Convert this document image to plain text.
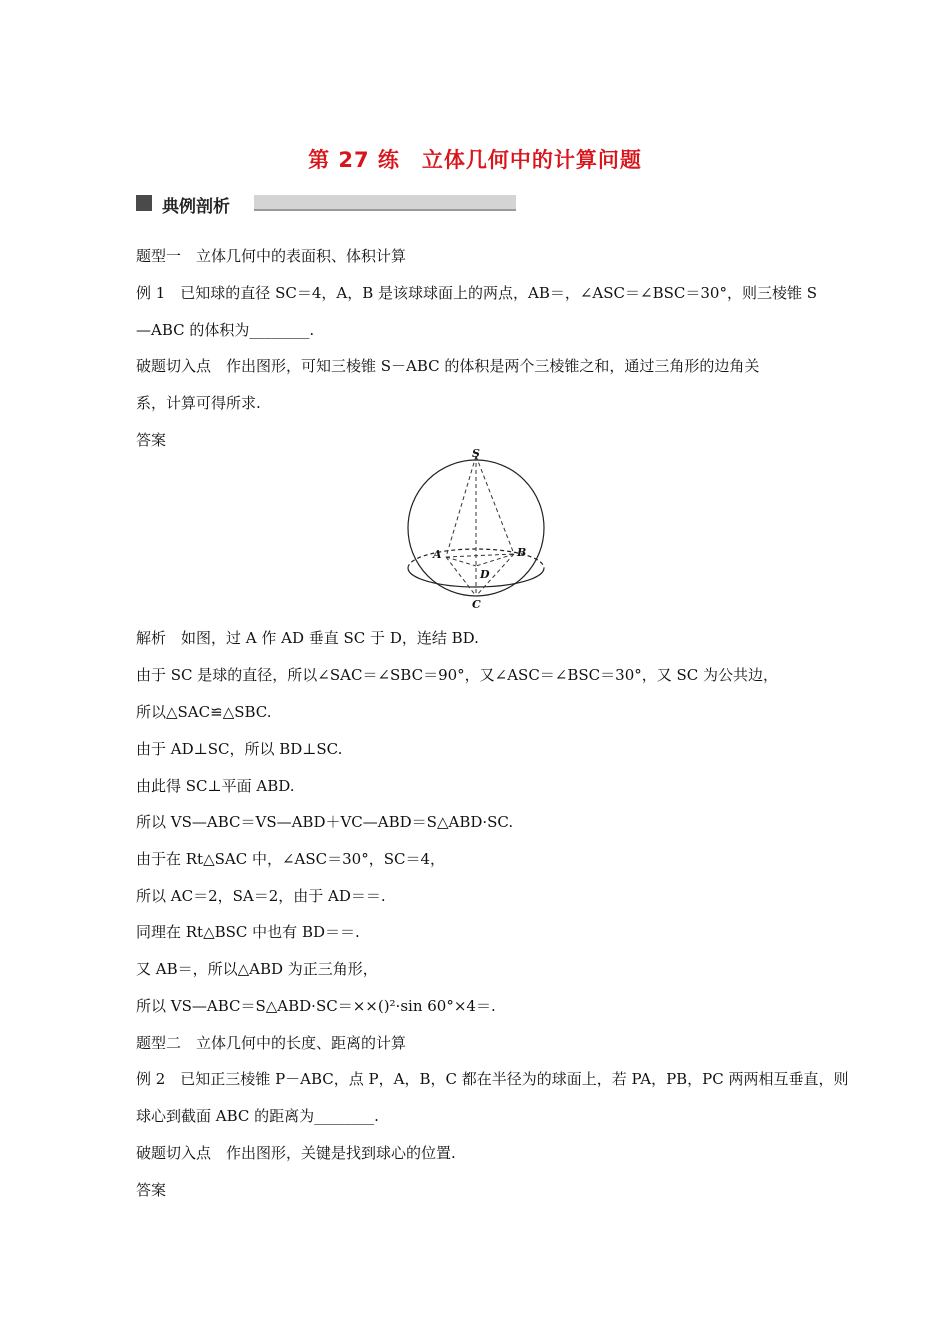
第 27 练　立体几何中的计算问题
典例剖析
题型一　立体几何中的表面积、体积计算
例 1　已知球的直径 SC＝4，A，B 是该球球面上的两点，AB＝，∠ASC＝∠BSC＝30°，则三棱锥 S
—ABC 的体积为________.
破题切入点　作出图形，可知三棱锥 S－ABC 的体积是两个三棱锥之和，通过三角形的边角关
系，计算可得所求.
答案
S
A	B
C
D
解析　如图，过 A 作 AD 垂直 SC 于 D，连结 BD.
由于 SC 是球的直径，所以∠SAC＝∠SBC＝90°，又∠ASC＝∠BSC＝30°，又 SC 为公共边，
所以△SAC≌△SBC.
由于 AD⊥SC，所以 BD⊥SC.
由此得 SC⊥平面 ABD.
所以 VS—ABC＝VS—ABD＋VC—ABD＝S△ABD·SC.
由于在 Rt△SAC 中，∠ASC＝30°，SC＝4，
所以 AC＝2，SA＝2，由于 AD＝＝.
同理在 Rt△BSC 中也有 BD＝＝.
又 AB＝，所以△ABD 为正三角形，
所以 VS—ABC＝S△ABD·SC＝××()²·sin 60°×4＝.
题型二　立体几何中的长度、距离的计算
例 2　已知正三棱锥 P－ABC，点 P，A，B，C 都在半径为的球面上，若 PA，PB，PC 两两相互垂直，则
球心到截面 ABC 的距离为________.
破题切入点　作出图形，关键是找到球心的位置.
答案
